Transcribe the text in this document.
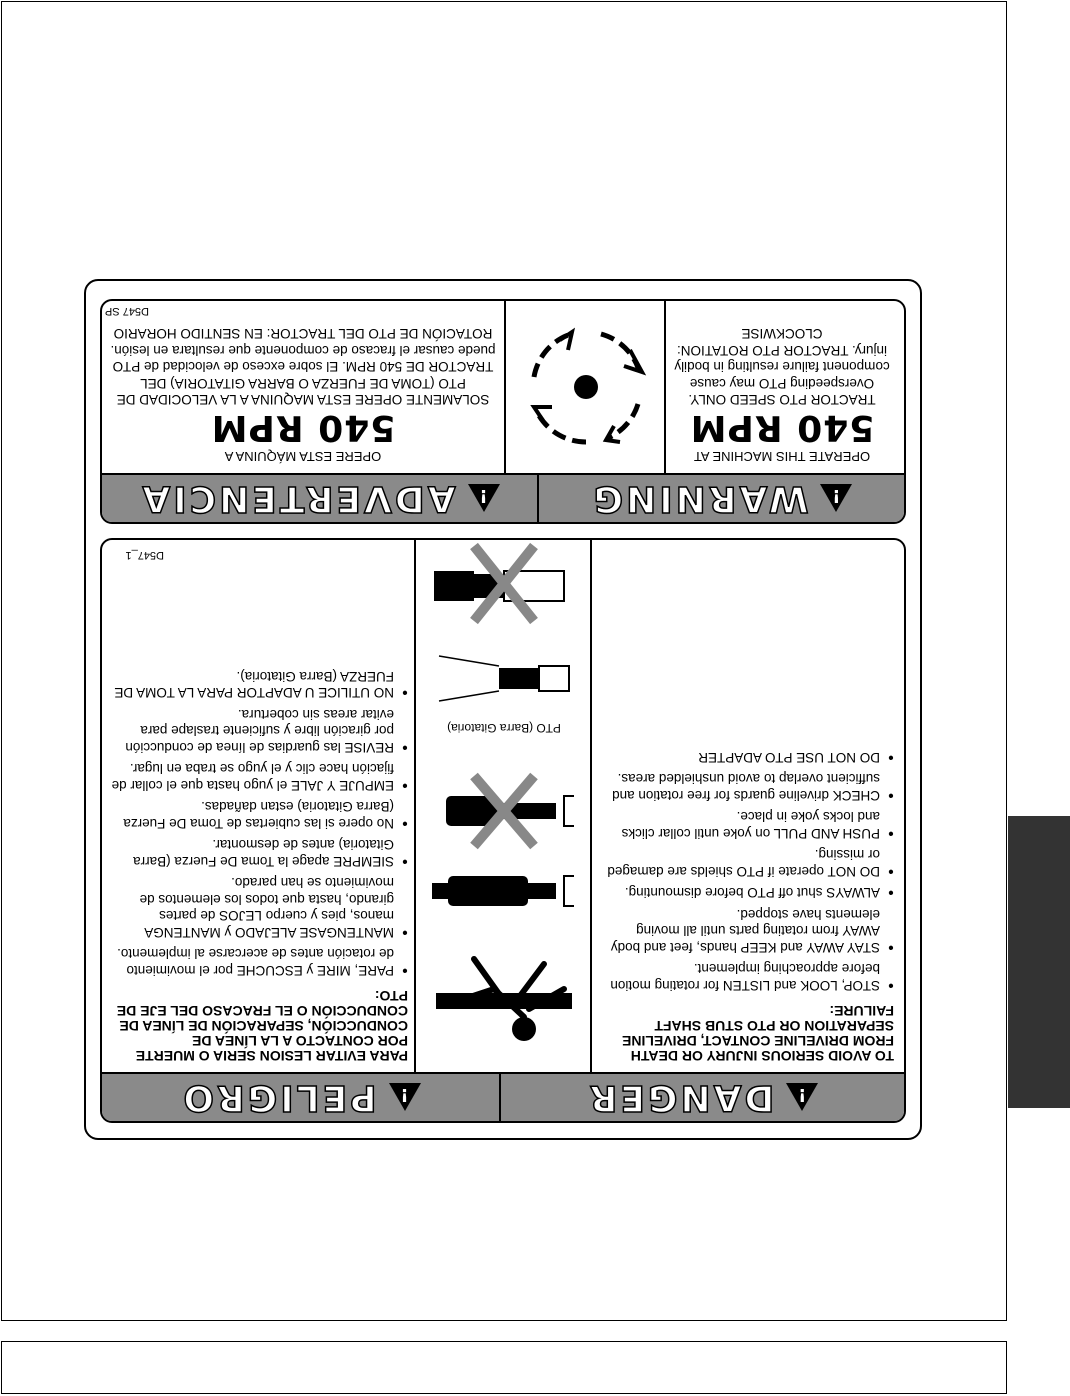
!
DANGER
!
PELIGRO
TO AVOID SERIOUS INJURY OR DEATH FROM DRIVELINE CONTACT, DRIVELINE SEPARATION OR PTO STUB SHAFT FAILURE:
● STOP, LOOK and LISTEN for rotating motion before approaching implement.
● STAY AWAY and KEEP hands, feet and body AWAY from rotating parts until all moving elements have stopped.
● ALWAYS shut off PTO before dismounting.
● DO NOT operate if PTO shields are damaged or missing.
● PUSH AND PULL on yoke until collar clicks and locks yoke in place.
● CHECK driveline guards for free rotation and sufficient overlap to avoid unshielded areas.
● DO NOT USE PTO ADAPTER
PTO (Barra Gitatoria)
PARA EVITAR LESION SERIA O MUERTE POR CONTACTO A LA LÍNEA DE CONDUCCIÓN, SEPARACIÓN DE LÍNEA DE CONDUCCIÓN O EL FRACASO DEL EJE DE PTO:
● PARE, MIRE y ESCUCHE por el movimiento de rotación antes de acercarse al implemento.
● MANTENGASE ALEJADO y MANTENGA manos, pies y cuerpo LEJOS de partes girando, hasta que todos los elementos de movimiento se han parado.
● SIEMPRE apage la Toma De Fuerza (Barra Gitatoria) antes de desmontar.
● No opere si las cubiertas de Toma De Fuerza (Barra Gitatoria) estan dañadas.
● EMPUJE Y JALE el yugo hasta que el collar de fijación hace clic y el yugo se traba en lugar.
● REVISE las guardias de línea de conducción por giración libre y suficiente traslape para evitar areas sin cobertura.
● NO UTILICE U ADAPTOR PARA LA TOMA DE FUERZA (Barra Gitatoria).
D547_1
!
WARNING
!
ADVERTENCIA
OPERATE THIS MACHINE AT
540 RPM
TRACTOR PTO SPEED ONLY. Overspeeding PTO may cause component failure resulting in bodily injury. TRACTOR PTO ROTATION: CLOCKWISE
OPERE ESTA MÁQUINA A
540 RPM
SOLAMENTE OPERE ESTA MAQUINA A LA VELOCIDAD DE PTO (TOMA DE FUERZA O BARRA GITATORIA) DEL TRACTOR DE 540 RPM. El sobre exceso de velocidad de PTO puede causar el fracaso de componente que resultara en lesión. ROTACIÓN DE PTO DEL TRACTOR: EN SENTIDO HORARIO
D547 SP
